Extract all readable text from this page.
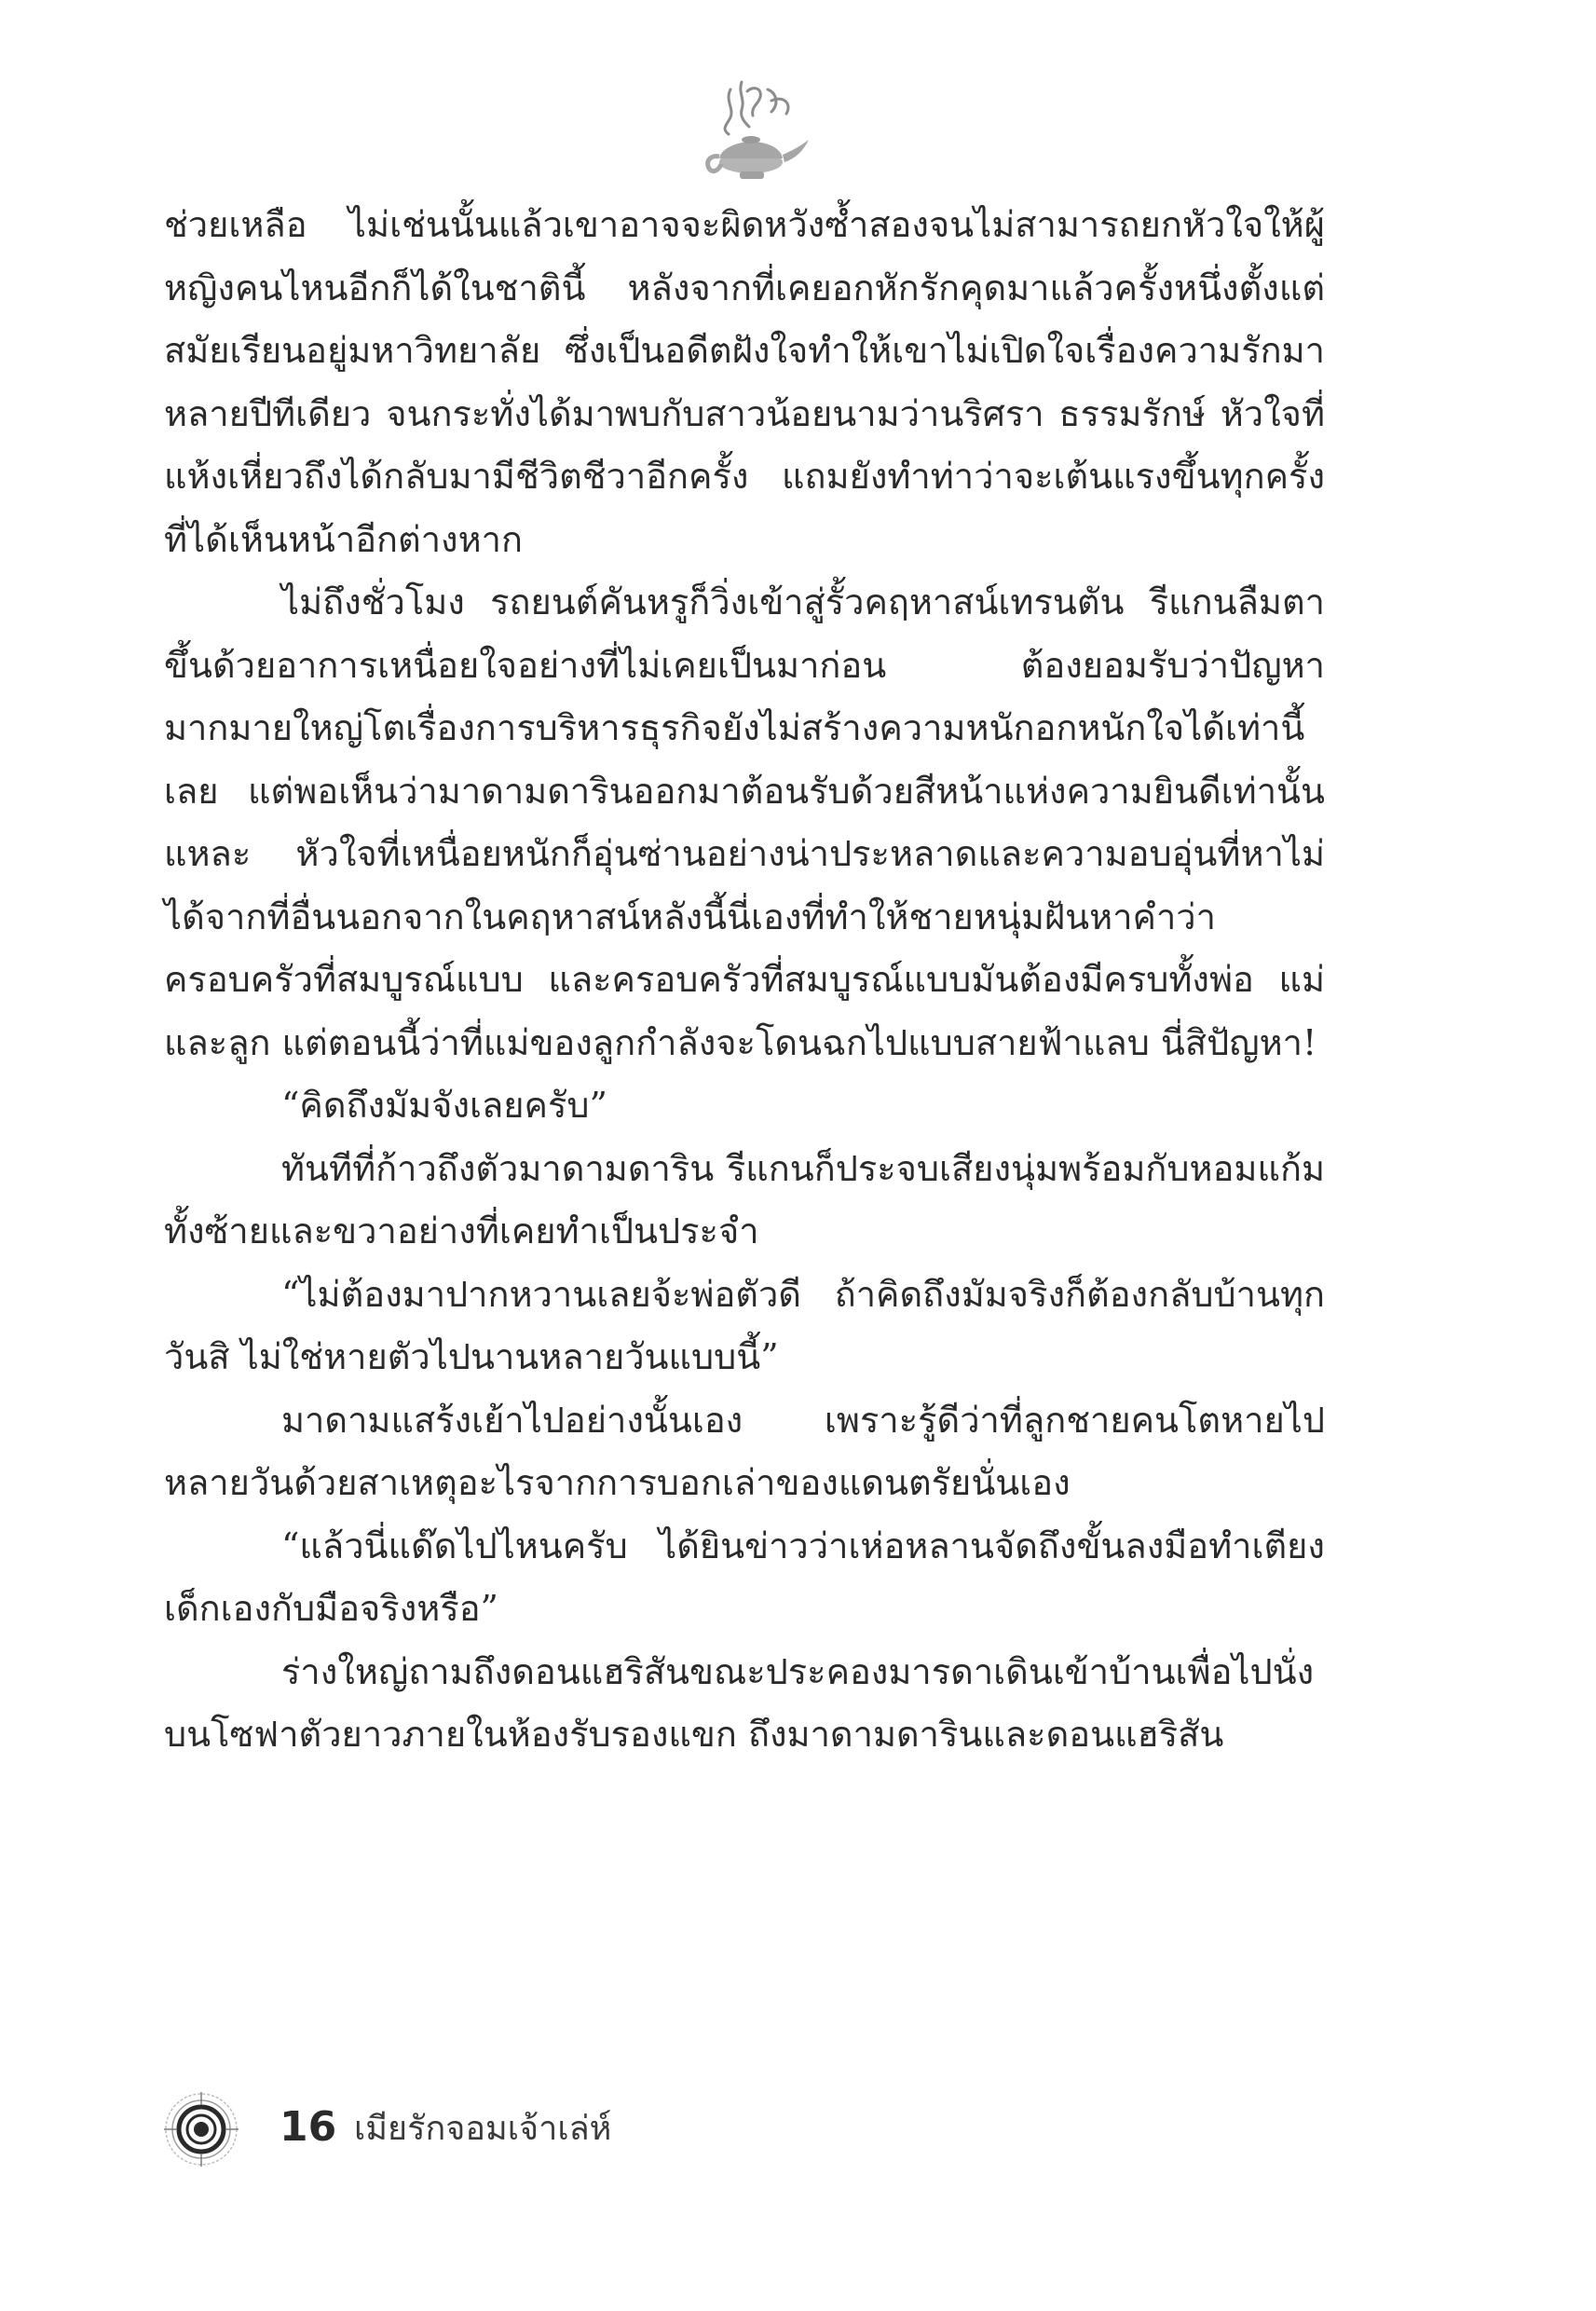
ช่วยเหลือ ไม่เช่นนั้นแล้วเขาอาจจะผิดหวังซ้ำสองจนไม่สามารถยกหัวใจให้ผู้หญิงคนไหนอีกก็ได้ในชาตินี้ หลังจากที่เคยอกหักรักคุดมาแล้วครั้งหนึ่งตั้งแต่สมัยเรียนอยู่มหาวิทยาลัย ซึ่งเป็นอดีตฝังใจทำให้เขาไม่เปิดใจเรื่องความรักมาหลายปีทีเดียว จนกระทั่งได้มาพบกับสาวน้อยนามว่านริศรา ธรรมรักษ์ หัวใจที่แห้งเหี่ยวถึงได้กลับมามีชีวิตชีวาอีกครั้ง แถมยังทำท่าว่าจะเต้นแรงขึ้นทุกครั้งที่ได้เห็นหน้าอีกต่างหาก

ไม่ถึงชั่วโมง รถยนต์คันหรูก็วิ่งเข้าสู่รั้วคฤหาสน์เทรนตัน รีแกนลืมตาขึ้นด้วยอาการเหนื่อยใจอย่างที่ไม่เคยเป็นมาก่อน ต้องยอมรับว่าปัญหามากมายใหญ่โตเรื่องการบริหารธุรกิจยังไม่สร้างความหนักอกหนักใจได้เท่านี้เลย แต่พอเห็นว่ามาดามดารินออกมาต้อนรับด้วยสีหน้าแห่งความยินดีเท่านั้นแหละ หัวใจที่เหนื่อยหนักก็อุ่นซ่านอย่างน่าประหลาดและความอบอุ่นที่หาไม่ได้จากที่อื่นนอกจากในคฤหาสน์หลังนี้นี่เองที่ทำให้ชายหนุ่มฝันหาคำว่าครอบครัวที่สมบูรณ์แบบ และครอบครัวที่สมบูรณ์แบบมันต้องมีครบทั้งพ่อ แม่ และลูก แต่ตอนนี้ว่าที่แม่ของลูกกำลังจะโดนฉกไปแบบสายฟ้าแลบ นี่สิปัญหา!

“คิดถึงมัมจังเลยครับ”

ทันทีที่ก้าวถึงตัวมาดามดาริน รีแกนก็ประจบเสียงนุ่มพร้อมกับหอมแก้มทั้งซ้ายและขวาอย่างที่เคยทำเป็นประจำ

“ไม่ต้องมาปากหวานเลยจ้ะพ่อตัวดี ถ้าคิดถึงมัมจริงก็ต้องกลับบ้านทุกวันสิ ไม่ใช่หายตัวไปนานหลายวันแบบนี้”

มาดามแสร้งเย้าไปอย่างนั้นเอง เพราะรู้ดีว่าที่ลูกชายคนโตหายไปหลายวันด้วยสาเหตุอะไรจากการบอกเล่าของแดนตรัยนั่นเอง

“แล้วนี่แด๊ดไปไหนครับ ได้ยินข่าวว่าเห่อหลานจัดถึงขั้นลงมือทำเตียงเด็กเองกับมือจริงหรือ”

ร่างใหญ่ถามถึงดอนแฮริสันขณะประคองมารดาเดินเข้าบ้านเพื่อไปนั่งบนโซฟาตัวยาวภายในห้องรับรองแขก ถึงมาดามดารินและดอนแฮริสัน

16 เมียรักจอมเจ้าเล่ห์
